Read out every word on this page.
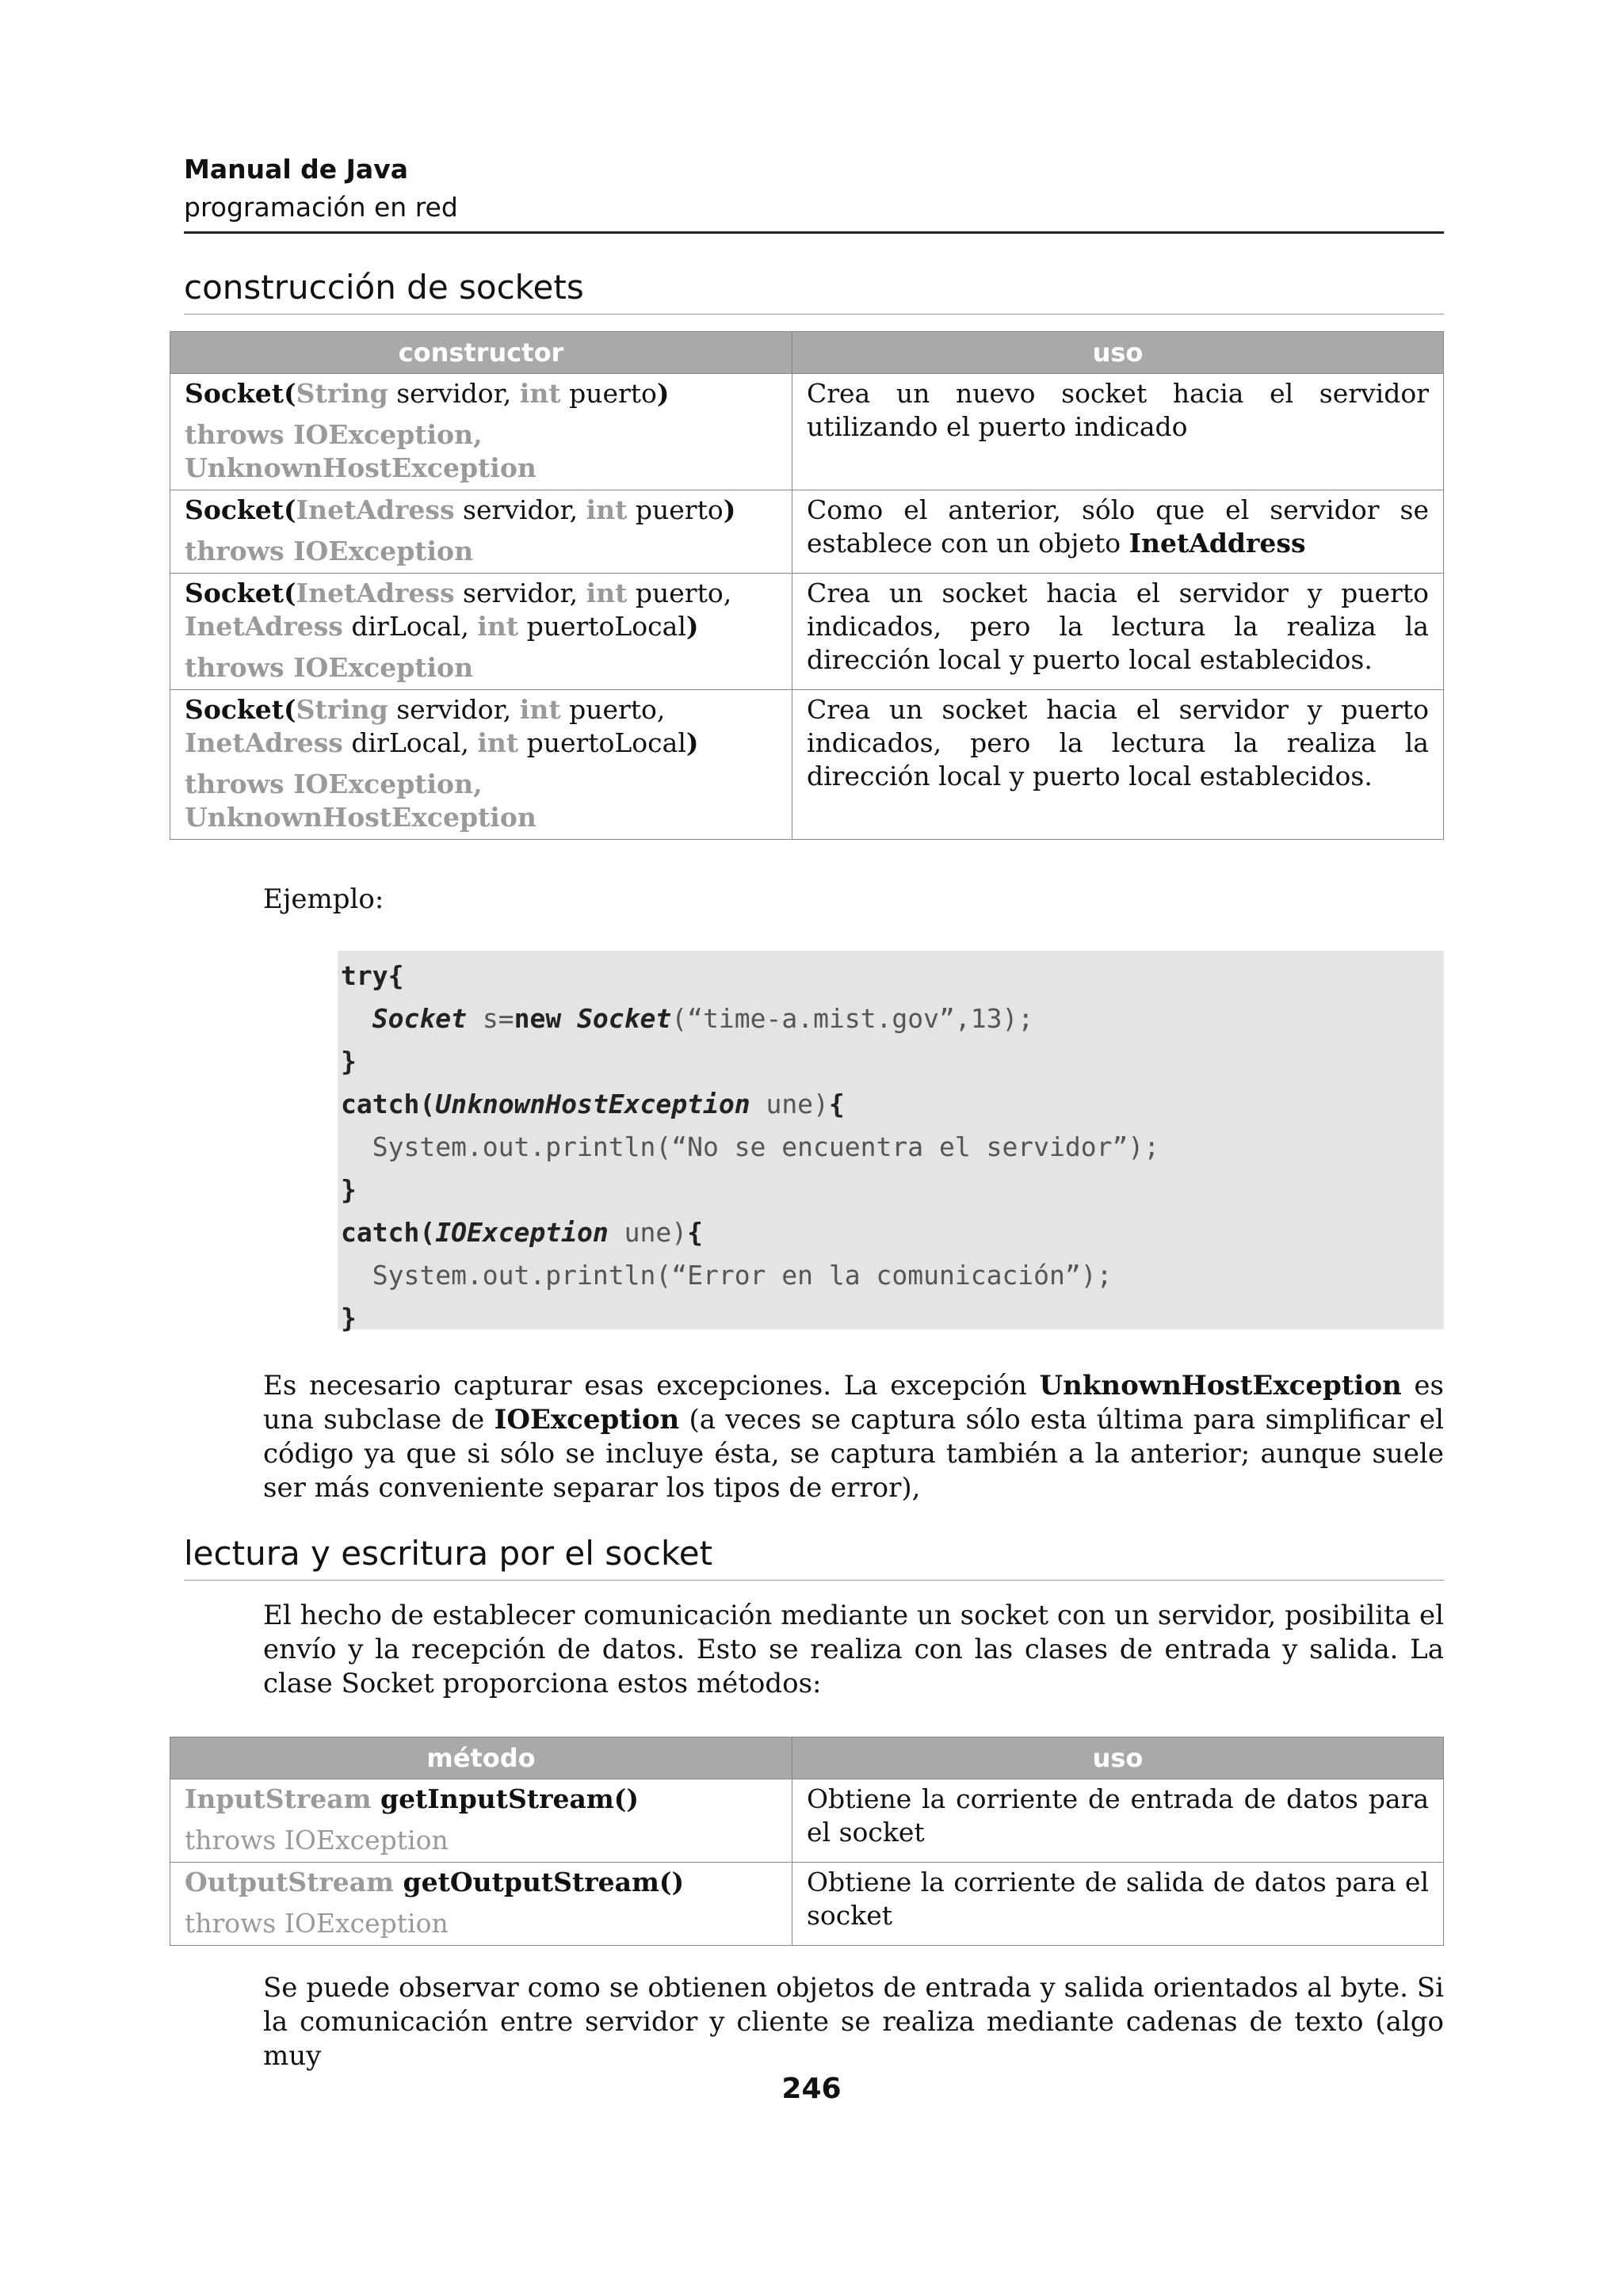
Manual de Java
programación en red
construcción de sockets
constructor	uso

Socket(String servidor, int puerto)
throws IOException,
UnknownHostException	Crea un nuevo socket hacia el servidor utilizando el puerto indicado

Socket(InetAdress servidor, int puerto)
throws IOException	Como el anterior, sólo que el servidor se establece con un objeto InetAddress

Socket(InetAdress servidor, int puerto,
InetAdress dirLocal, int puertoLocal)
throws IOException	Crea un socket hacia el servidor y puerto indicados, pero la lectura la realiza la dirección local y puerto local establecidos.

Socket(String servidor, int puerto,
InetAdress dirLocal, int puertoLocal)
throws IOException,
UnknownHostException	Crea un socket hacia el servidor y puerto indicados, pero la lectura la realiza la dirección local y puerto local establecidos.
Ejemplo:
try{
Socket s=new Socket(“time-a.mist.gov”,13);
}
catch(UnknownHostException une){
System.out.println(“No se encuentra el servidor”);
}
catch(IOException une){
System.out.println(“Error en la comunicación”);
}
Es necesario capturar esas excepciones. La excepción UnknownHostException es una subclase de IOException (a veces se captura sólo esta última para simplificar el código ya que si sólo se incluye ésta, se captura también a la anterior; aunque suele ser más conveniente separar los tipos de error),
lectura y escritura por el socket
El hecho de establecer comunicación mediante un socket con un servidor, posibilita el envío y la recepción de datos. Esto se realiza con las clases de entrada y salida. La clase Socket proporciona estos métodos:
método	uso

InputStream getInputStream()
throws IOException	Obtiene la corriente de entrada de datos para el socket

OutputStream getOutputStream()
throws IOException	Obtiene la corriente de salida de datos para el socket
Se puede observar como se obtienen objetos de entrada y salida orientados al byte. Si la comunicación entre servidor y cliente se realiza mediante cadenas de texto (algo muy
246
